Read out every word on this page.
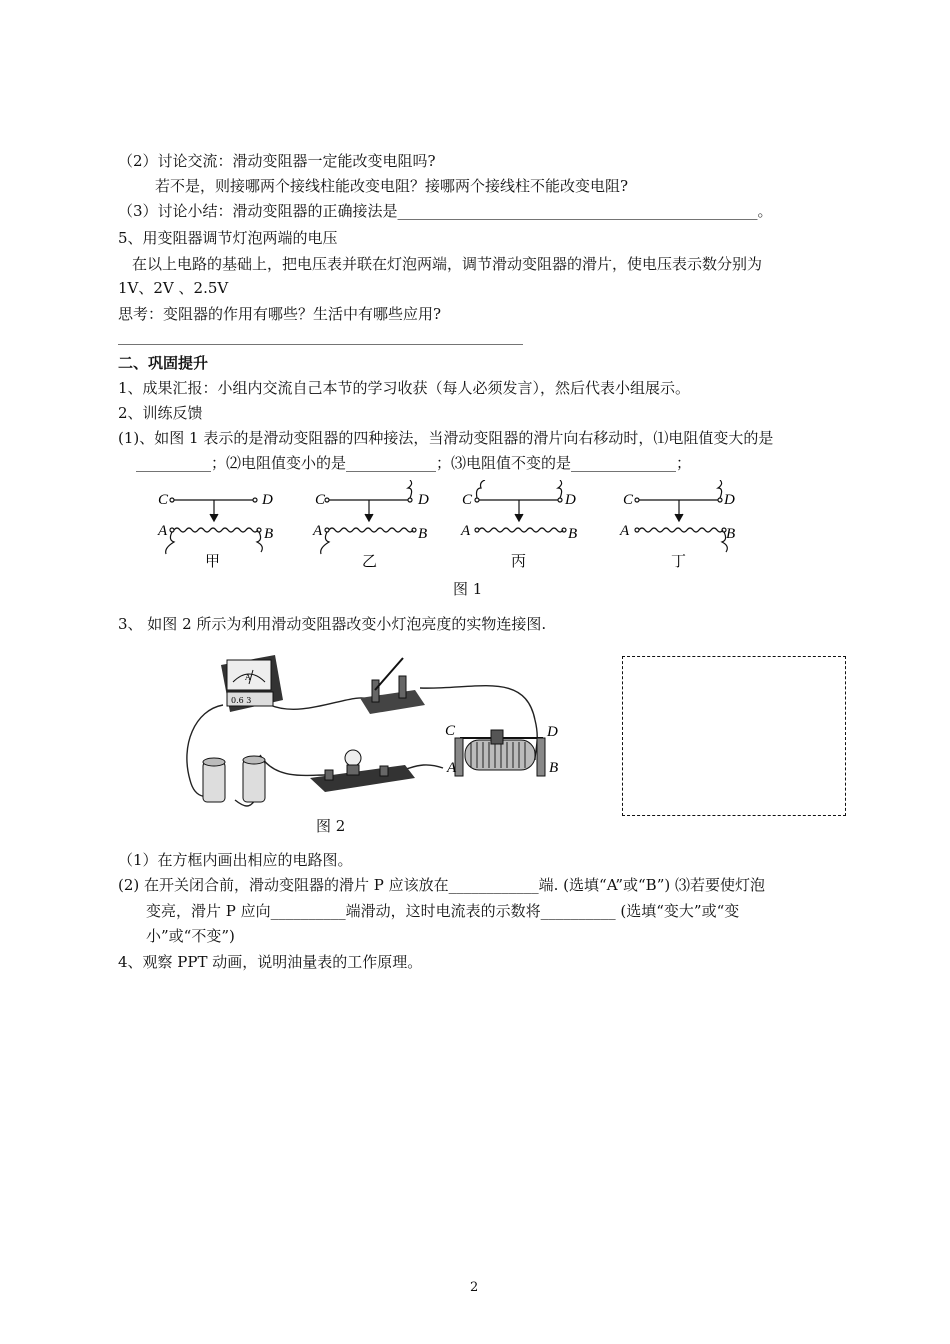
（2）讨论交流：滑动变阻器一定能改变电阻吗?
若不是，则接哪两个接线柱能改变电阻？接哪两个接线柱不能改变电阻?
（3）讨论小结：滑动变阻器的正确接法是________________________________________________。
5、用变阻器调节灯泡两端的电压
在以上电路的基础上，把电压表并联在灯泡两端，调节滑动变阻器的滑片，使电压表示数分别为
1V、2V 、2.5V
思考：变阻器的作用有哪些？生活中有哪些应用?
______________________________________________________
二、巩固提升
1、成果汇报：小组内交流自己本节的学习收获（每人必须发言），然后代表小组展示。
2、训练反馈
(1)、如图 1 表示的是滑动变阻器的四种接法，当滑动变阻器的滑片向右移动时，⑴电阻值变大的是
__________；⑵电阻值变小的是____________；⑶电阻值不变的是______________；
C	D
A	B
C	D
A	B
C	D
A	B
C	D
A	B
甲	乙	丙	丁
图 1
3、 如图 2 所示为利用滑动变阻器改变小灯泡亮度的实物连接图.
A
0.6 3
C	D
A	B
图 2
（1）在方框内画出相应的电路图。
(2) 在开关闭合前，滑动变阻器的滑片 P 应该放在____________端. (选填“A”或“B”) ⑶若要使灯泡
变亮，滑片 P 应向__________端滑动，这时电流表的示数将__________ (选填“变大”或“变
小”或“不变”)
4、观察 PPT 动画，说明油量表的工作原理。
2
